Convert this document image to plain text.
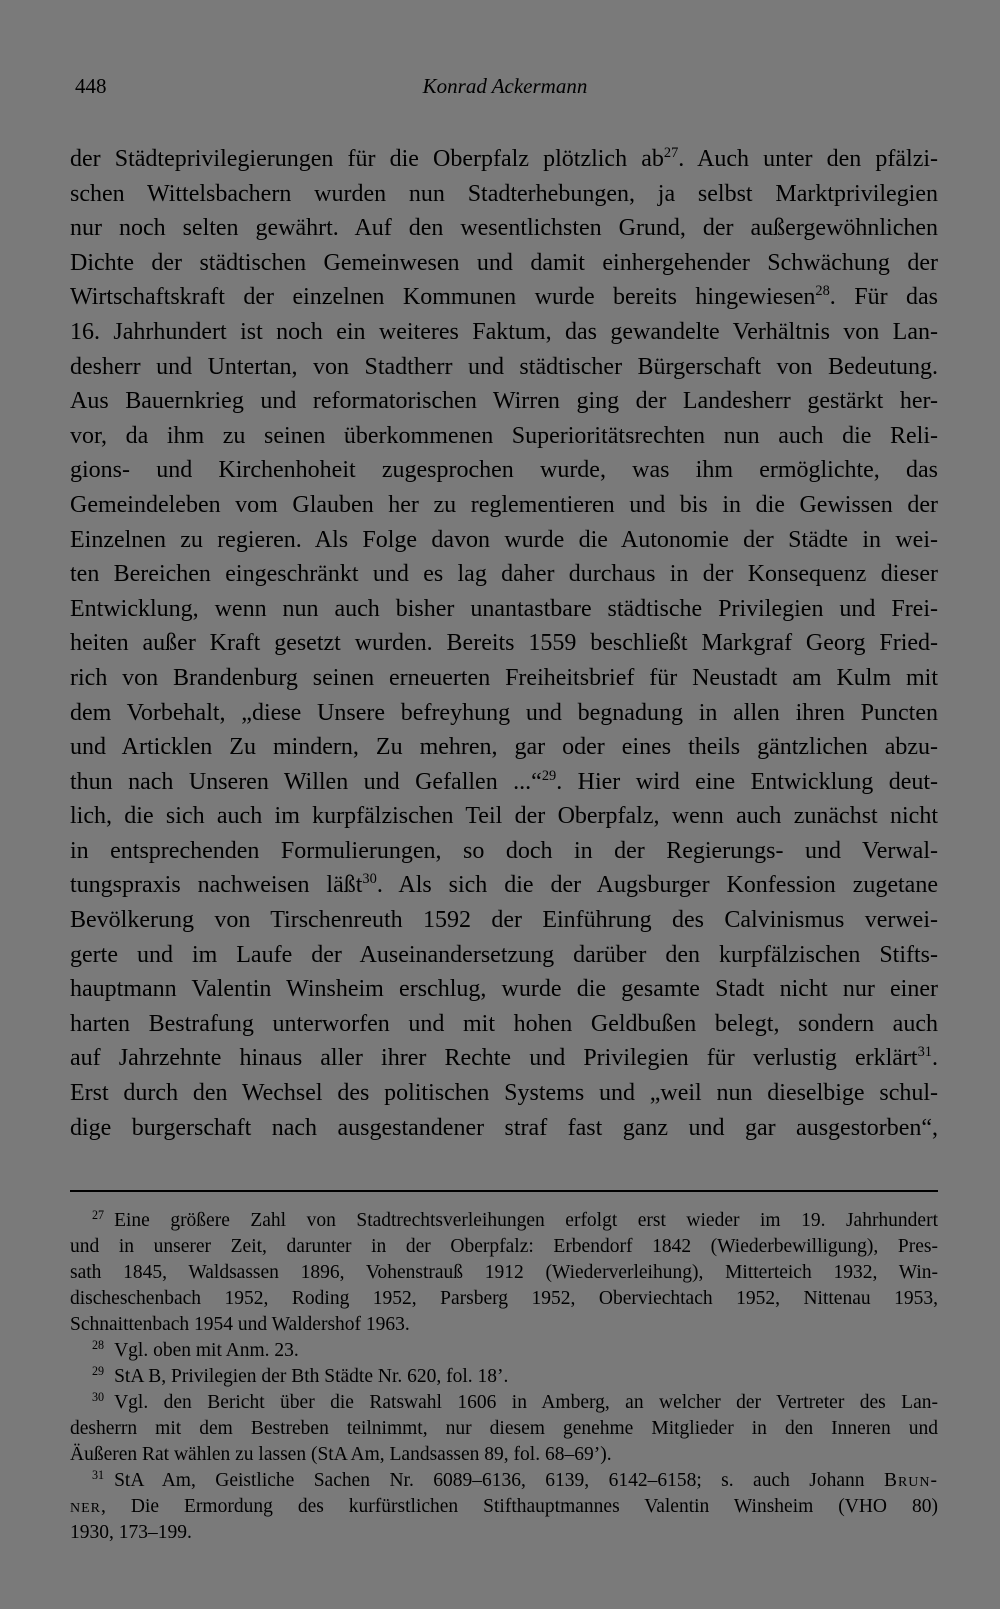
448	Konrad Ackermann
der Städteprivilegierungen für die Oberpfalz plötzlich $ab^{27}$. Auch unter den pfälzi-
schen Wittelsbachern wurden nun Stadterhebungen, ja selbst Marktprivilegien
nur noch selten gewährt. Auf den wesentlichsten Grund, der außergewöhnlichen
Dichte der städtischen Gemeinwesen und damit einhergehender Schwächung der
Wirtschaftskraft der einzelnen Kommunen wurde bereits hingewiesen$^{28}$. Für das
16. Jahrhundert ist noch ein weiteres Faktum, das gewandelte Verhältnis von Lan-
desherr und Untertan, von Stadtherr und städtischer Bürgerschaft von Bedeutung.
Aus Bauernkrieg und reformatorischen Wirren ging der Landesherr gestärkt her-
vor, da ihm zu seinen überkommenen Superioritätsrechten nun auch die Reli-
gions- und Kirchenhoheit zugesprochen wurde, was ihm ermöglichte, das
Gemeindeleben vom Glauben her zu reglementieren und bis in die Gewissen der
Einzelnen zu regieren. Als Folge davon wurde die Autonomie der Städte in wei-
ten Bereichen eingeschränkt und es lag daher durchaus in der Konsequenz dieser
Entwicklung, wenn nun auch bisher unantastbare städtische Privilegien und Frei-
heiten außer Kraft gesetzt wurden. Bereits 1559 beschließt Markgraf Georg Fried-
rich von Brandenburg seinen erneuerten Freiheitsbrief für Neustadt am Kulm mit
dem Vorbehalt, „diese Unsere befreyhung und begnadung in allen ihren Puncten
und Articklen Zu mindern, Zu mehren, gar oder eines theils gäntzlichen abzu-
thun nach Unseren Willen und Gefallen ...“$^{29}$. Hier wird eine Entwicklung deut-
lich, die sich auch im kurpfälzischen Teil der Oberpfalz, wenn auch zunächst nicht
in entsprechenden Formulierungen, so doch in der Regierungs- und Verwal-
tungspraxis nachweisen läßt$^{30}$. Als sich die der Augsburger Konfession zugetane
Bevölkerung von Tirschenreuth 1592 der Einführung des Calvinismus verwei-
gerte und im Laufe der Auseinandersetzung darüber den kurpfälzischen Stifts-
hauptmann Valentin Winsheim erschlug, wurde die gesamte Stadt nicht nur einer
harten Bestrafung unterworfen und mit hohen Geldbußen belegt, sondern auch
auf Jahrzehnte hinaus aller ihrer Rechte und Privilegien für verlustig erklärt$^{31}$.
Erst durch den Wechsel des politischen Systems und „weil nun dieselbige schul-
dige burgerschaft nach ausgestandener straf fast ganz und gar ausgestorben“,
$^{27}$ Eine größere Zahl von Stadtrechtsverleihungen erfolgt erst wieder im 19. Jahrhundert
und in unserer Zeit, darunter in der Oberpfalz: Erbendorf 1842 (Wiederbewilligung), Pres-
sath 1845, Waldsassen 1896, Vohenstrauß 1912 (Wiederverleihung), Mitterteich 1932, Win-
discheschenbach 1952, Roding 1952, Parsberg 1952, Oberviechtach 1952, Nittenau 1953,
Schnaittenbach 1954 und Waldershof 1963.
$^{28}$ Vgl. oben mit Anm. 23.
$^{29}$ StA B, Privilegien der Bth Städte Nr. 620, fol. 18’.
$^{30}$ Vgl. den Bericht über die Ratswahl 1606 in Amberg, an welcher der Vertreter des Lan-
desherrn mit dem Bestreben teilnimmt, nur diesem genehme Mitglieder in den Inneren und
Äußeren Rat wählen zu lassen (StA Am, Landsassen 89, fol. 68–69’).
$^{31}$ StA Am, Geistliche Sachen Nr. 6089–6136, 6139, 6142–6158; s. auch Johann Brun-
ner, Die Ermordung des kurfürstlichen Stifthauptmannes Valentin Winsheim (VHO 80)
1930, 173–199.
